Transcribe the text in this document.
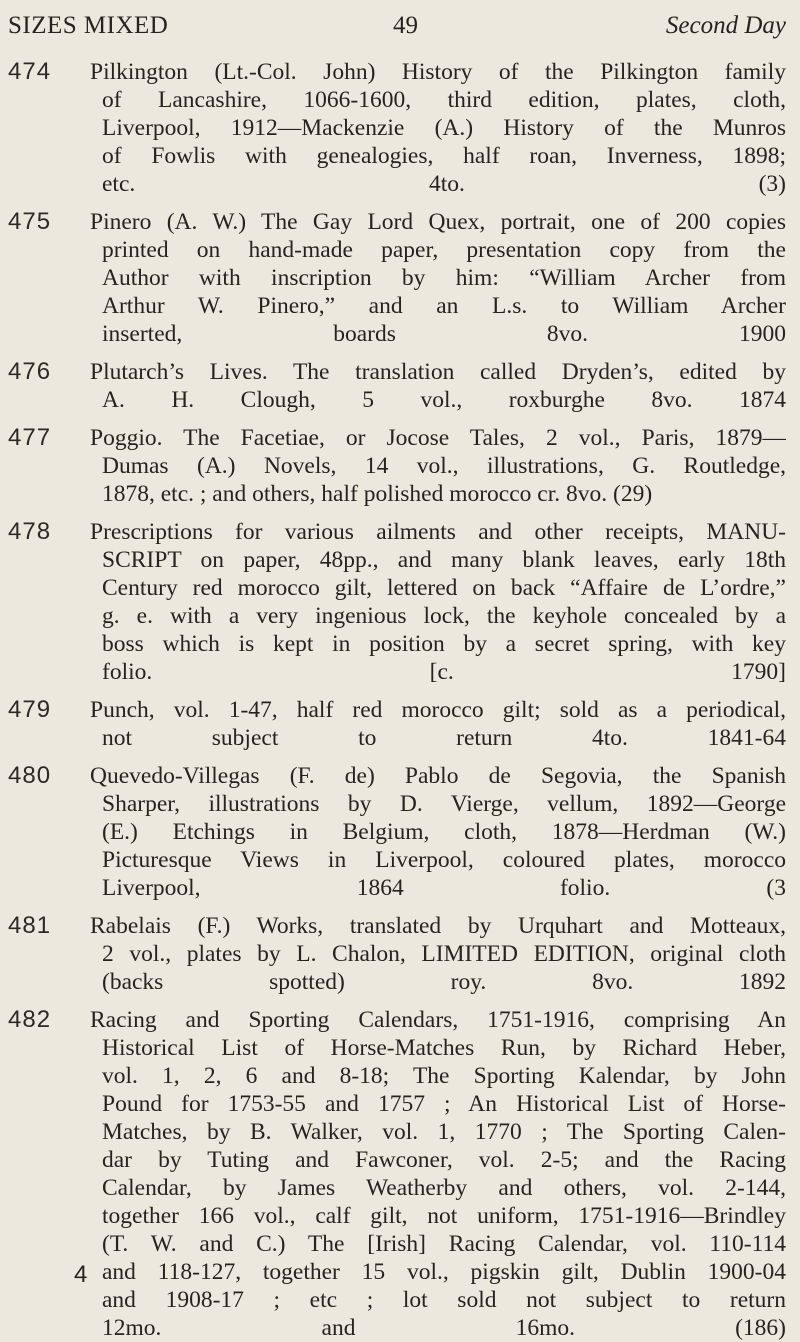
SIZES MIXED	49	Second Day
474 Pilkington (Lt.-Col. John) History of the Pilkington family
of Lancashire, 1066-1600, third edition, plates, cloth,
Liverpool, 1912—Mackenzie (A.) History of the Munros
of Fowlis with genealogies, half roan, Inverness, 1898;
etc. 4to. (3)
475 Pinero (A. W.) The Gay Lord Quex, portrait, one of 200 copies
printed on hand-made paper, presentation copy from the
Author with inscription by him: “William Archer from
Arthur W. Pinero,” and an L.s. to William Archer
inserted, boards 8vo. 1900
476 Plutarch’s Lives. The translation called Dryden’s, edited by
A. H. Clough, 5 vol., roxburghe 8vo. 1874
477 Poggio. The Facetiae, or Jocose Tales, 2 vol., Paris, 1879—
Dumas (A.) Novels, 14 vol., illustrations, G. Routledge,
1878, etc. ; and others, half polished morocco cr. 8vo. (29)
478 Prescriptions for various ailments and other receipts, MANU-
SCRIPT on paper, 48pp., and many blank leaves, early 18th
Century red morocco gilt, lettered on back “Affaire de L’ordre,”
g. e. with a very ingenious lock, the keyhole concealed by a
boss which is kept in position by a secret spring, with key
folio. [c. 1790]
479 Punch, vol. 1-47, half red morocco gilt; sold as a periodical,
not subject to return 4to. 1841-64
480 Quevedo-Villegas (F. de) Pablo de Segovia, the Spanish
Sharper, illustrations by D. Vierge, vellum, 1892—George
(E.) Etchings in Belgium, cloth, 1878—Herdman (W.)
Picturesque Views in Liverpool, coloured plates, morocco
Liverpool, 1864 folio. (3
481 Rabelais (F.) Works, translated by Urquhart and Motteaux,
2 vol., plates by L. Chalon, LIMITED EDITION, original cloth
(backs spotted) roy. 8vo. 1892
482 Racing and Sporting Calendars, 1751-1916, comprising An
Historical List of Horse-Matches Run, by Richard Heber,
vol. 1, 2, 6 and 8-18; The Sporting Kalendar, by John
Pound for 1753-55 and 1757 ; An Historical List of Horse-
Matches, by B. Walker, vol. 1, 1770 ; The Sporting Calen-
dar by Tuting and Fawconer, vol. 2-5; and the Racing
Calendar, by James Weatherby and others, vol. 2-144,
together 166 vol., calf gilt, not uniform, 1751-1916—Brindley
(T. W. and C.) The [Irish] Racing Calendar, vol. 110-114
and 118-127, together 15 vol., pigskin gilt, Dublin 1900-04
and 1908-17 ; etc ; lot sold not subject to return
12mo. and 16mo. (186)
4
